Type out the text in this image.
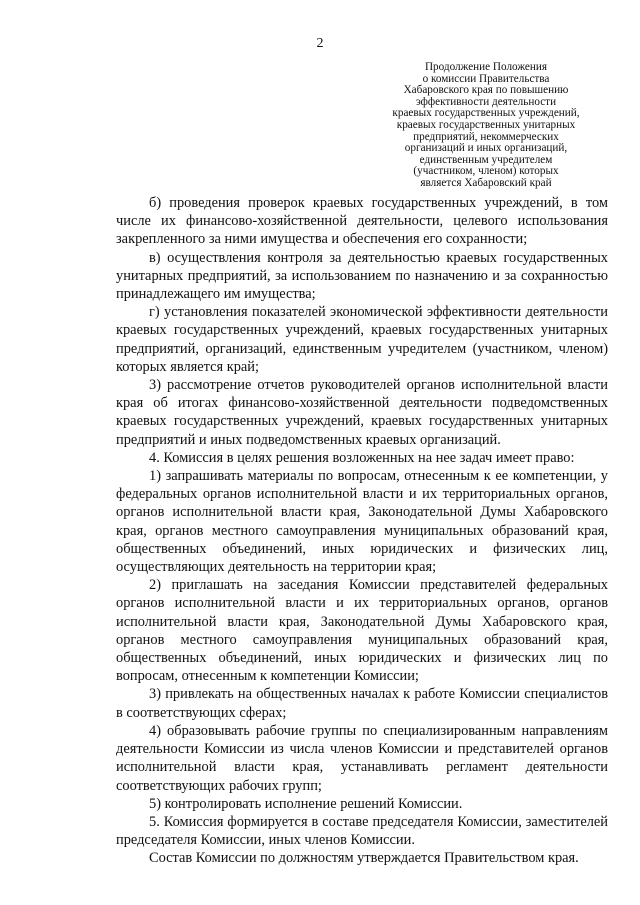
2
Продолжение Положения
о комиссии Правительства
Хабаровского края по повышению
эффективности деятельности
краевых государственных учреждений,
краевых государственных унитарных
предприятий, некоммерческих
организаций и иных организаций,
единственным учредителем
(участником, членом) которых
является Хабаровский край

б) проведения проверок краевых государственных учреждений, в том числе их финансово-хозяйственной деятельности, целевого использования закрепленного за ними имущества и обеспечения его сохранности;

в) осуществления контроля за деятельностью краевых государственных унитарных предприятий, за использованием по назначению и за сохранностью принадлежащего им имущества;

г) установления показателей экономической эффективности деятельности краевых государственных учреждений, краевых государственных унитарных предприятий, организаций, единственным учредителем (участником, членом) которых является край;

3) рассмотрение отчетов руководителей органов исполнительной власти края об итогах финансово-хозяйственной деятельности подведомственных краевых государственных учреждений, краевых государственных унитарных предприятий и иных подведомственных краевых организаций.

4. Комиссия в целях решения возложенных на нее задач имеет право:

1) запрашивать материалы по вопросам, отнесенным к ее компетенции, у федеральных органов исполнительной власти и их территориальных органов, органов исполнительной власти края, Законодательной Думы Хабаровского края, органов местного самоуправления муниципальных образований края, общественных объединений, иных юридических и физических лиц, осуществляющих деятельность на территории края;

2) приглашать на заседания Комиссии представителей федеральных органов исполнительной власти и их территориальных органов, органов исполнительной власти края, Законодательной Думы Хабаровского края, органов местного самоуправления муниципальных образований края, общественных объединений, иных юридических и физических лиц по вопросам, отнесенным к компетенции Комиссии;

3) привлекать на общественных началах к работе Комиссии специалистов в соответствующих сферах;

4) образовывать рабочие группы по специализированным направлениям деятельности Комиссии из числа членов Комиссии и представителей органов исполнительной власти края, устанавливать регламент деятельности соответствующих рабочих групп;

5) контролировать исполнение решений Комиссии.

5. Комиссия формируется в составе председателя Комиссии, заместителей председателя Комиссии, иных членов Комиссии.

Состав Комиссии по должностям утверждается Правительством края.
